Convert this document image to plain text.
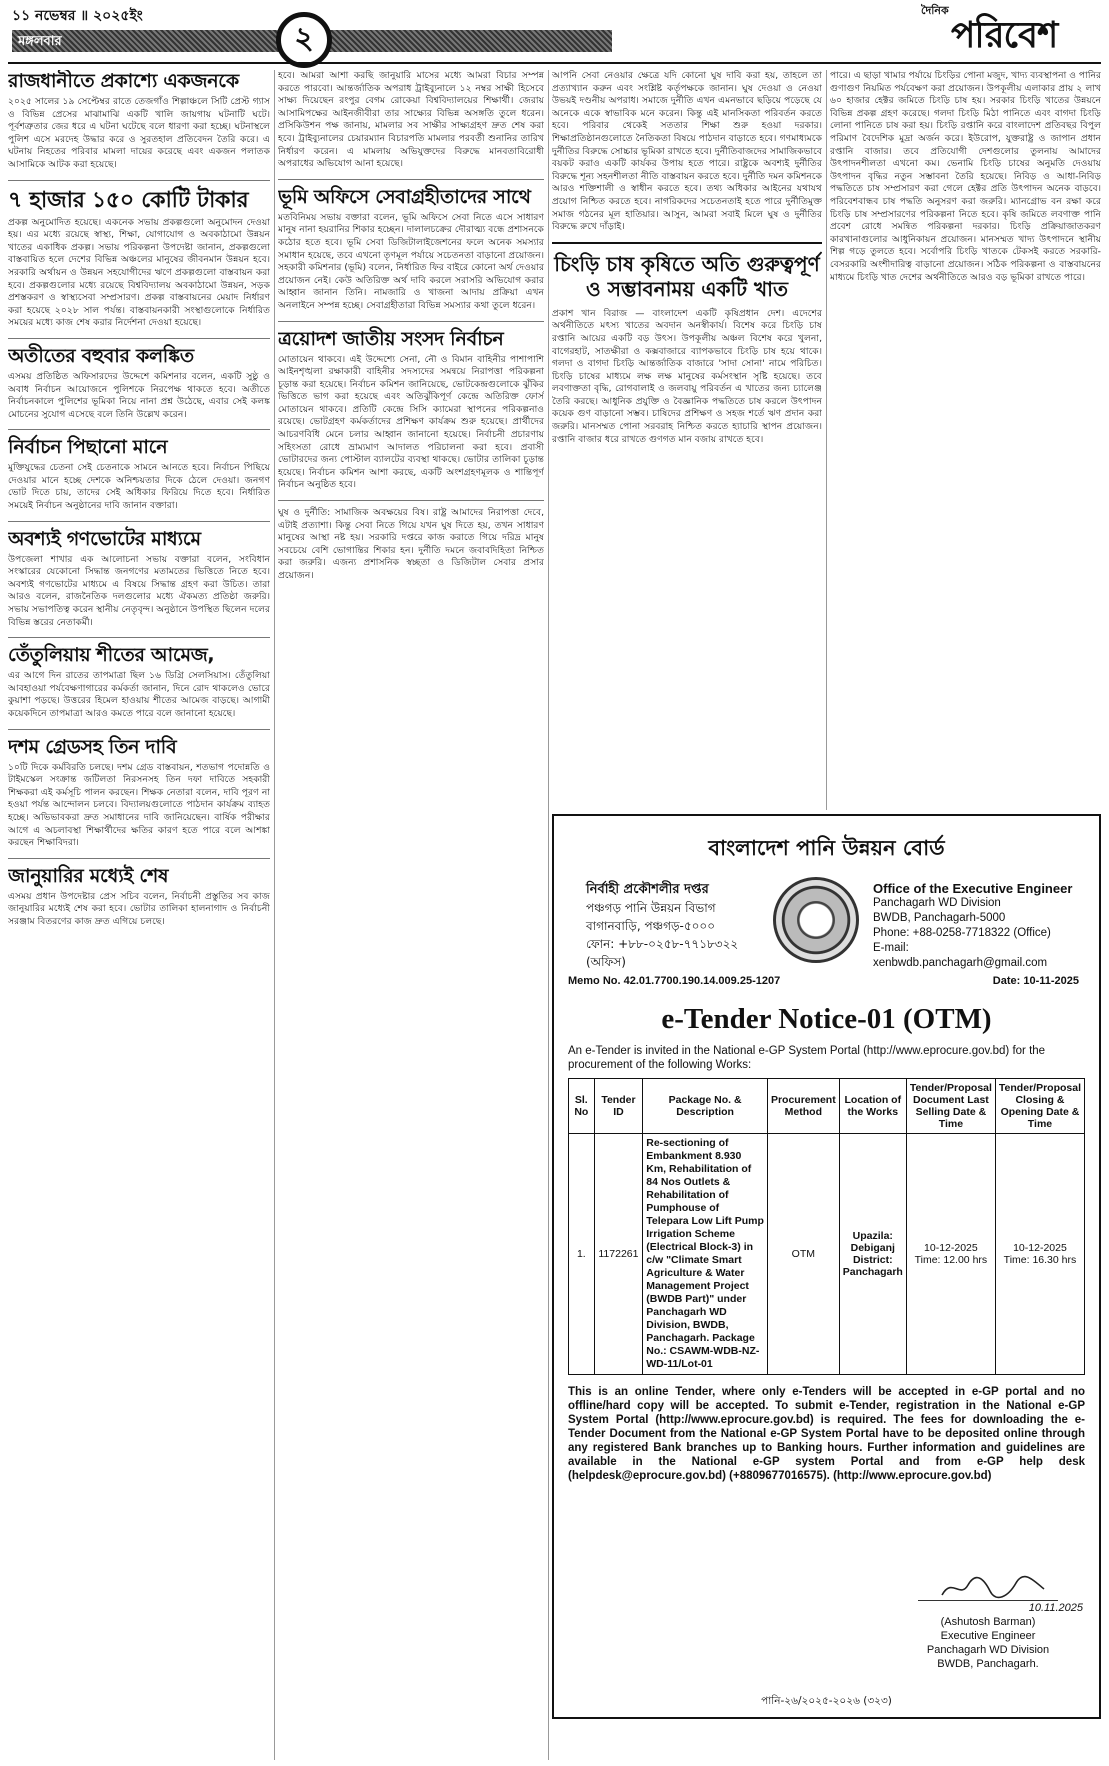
১১ নভেম্বর ॥ ২০২৫ইং
মঙ্গলবার	২
দৈনিক
পরিবেশ
রাজধানীতে প্রকাশ্যে একজনকে
২০২৫ সালের ১৯ সেপ্টেম্বর রাতে তেজগাঁও শিল্পাঞ্চলে সিটি প্রেস্ট গ্যাস ও বিভিন্ন প্রেসের মাঝামাঝি একটি খালি জায়গায় ঘটনাটি ঘটে। পূর্বশত্রুতার জের ধরে এ ঘটনা ঘটেছে বলে ধারণা করা হচ্ছে। ঘটনাস্থলে পুলিশ এসে মরদেহ উদ্ধার করে ও সুরতহাল প্রতিবেদন তৈরি করে। এ ঘটনায় নিহতের পরিবার মামলা দায়ের করেছে এবং একজন পলাতক আসামিকে আটক করা হয়েছে।
৭ হাজার ১৫০ কোটি টাকার
প্রকল্প অনুমোদিত হয়েছে। একনেক সভায় প্রকল্পগুলো অনুমোদন দেওয়া হয়। এর মধ্যে রয়েছে স্বাস্থ্য, শিক্ষা, যোগাযোগ ও অবকাঠামো উন্নয়ন খাতের একাধিক প্রকল্প। সভায় পরিকল্পনা উপদেষ্টা জানান, প্রকল্পগুলো বাস্তবায়িত হলে দেশের বিভিন্ন অঞ্চলের মানুষের জীবনমান উন্নয়ন হবে। সরকারি অর্থায়ন ও উন্নয়ন সহযোগীদের ঋণে প্রকল্পগুলো বাস্তবায়ন করা হবে। প্রকল্পগুলোর মধ্যে রয়েছে বিশ্ববিদ্যালয় অবকাঠামো উন্নয়ন, সড়ক প্রশস্তকরণ ও স্বাস্থ্যসেবা সম্প্রসারণ। প্রকল্প বাস্তবায়নের মেয়াদ নির্ধারণ করা হয়েছে ২০২৮ সাল পর্যন্ত। বাস্তবায়নকারী সংস্থাগুলোকে নির্ধারিত সময়ের মধ্যে কাজ শেষ করার নির্দেশনা দেওয়া হয়েছে।
অতীতের বহুবার কলঙ্কিত
এসময় প্রতিষ্ঠিত অফিসারদের উদ্দেশে কমিশনার বলেন, একটি সুষ্ঠু ও অবাধ নির্বাচন আয়োজনে পুলিশকে নিরপেক্ষ থাকতে হবে। অতীতে নির্বাচনকালে পুলিশের ভূমিকা নিয়ে নানা প্রশ্ন উঠেছে, এবার সেই কলঙ্ক মোচনের সুযোগ এসেছে বলে তিনি উল্লেখ করেন।
নির্বাচন পিছানো মানে
মুক্তিযুদ্ধের চেতনা সেই চেতনাকে সামনে আনতে হবে। নির্বাচন পিছিয়ে দেওয়ার মানে হচ্ছে দেশকে অনিশ্চয়তার দিকে ঠেলে দেওয়া। জনগণ ভোট দিতে চায়, তাদের সেই অধিকার ফিরিয়ে দিতে হবে। নির্ধারিত সময়েই নির্বাচন অনুষ্ঠানের দাবি জানান বক্তারা।
অবশ্যই গণভোটের মাধ্যমে
উপজেলা শাখার এক আলোচনা সভায় বক্তারা বলেন, সংবিধান সংস্কারের যেকোনো সিদ্ধান্ত জনগণের মতামতের ভিত্তিতে নিতে হবে। অবশ্যই গণভোটের মাধ্যমে এ বিষয়ে সিদ্ধান্ত গ্রহণ করা উচিত। তারা আরও বলেন, রাজনৈতিক দলগুলোর মধ্যে ঐকমত্য প্রতিষ্ঠা জরুরি। সভায় সভাপতিত্ব করেন স্থানীয় নেতৃবৃন্দ। অনুষ্ঠানে উপস্থিত ছিলেন দলের বিভিন্ন স্তরের নেতাকর্মী।
তেঁতুলিয়ায় শীতের আমেজ,
এর আগে দিন রাতের তাপমাত্রা ছিল ১৬ ডিগ্রি সেলসিয়াস। তেঁতুলিয়া আবহাওয়া পর্যবেক্ষণাগারের কর্মকর্তা জানান, দিনে রোদ থাকলেও ভোরে কুয়াশা পড়ছে। উত্তরের হিমেল হাওয়ায় শীতের আমেজ বাড়ছে। আগামী কয়েকদিনে তাপমাত্রা আরও কমতে পারে বলে জানানো হয়েছে।
দশম গ্রেডসহ তিন দাবি
১০টি দিকে কর্মবিরতি চলছে। দশম গ্রেড বাস্তবায়ন, শতভাগ পদোন্নতি ও টাইমস্কেল সংক্রান্ত জটিলতা নিরসনসহ তিন দফা দাবিতে সহকারী শিক্ষকরা এই কর্মসূচি পালন করছেন। শিক্ষক নেতারা বলেন, দাবি পূরণ না হওয়া পর্যন্ত আন্দোলন চলবে। বিদ্যালয়গুলোতে পাঠদান কার্যক্রম ব্যাহত হচ্ছে। অভিভাবকরা দ্রুত সমাধানের দাবি জানিয়েছেন। বার্ষিক পরীক্ষার আগে এ অচলাবস্থা শিক্ষার্থীদের ক্ষতির কারণ হতে পারে বলে আশঙ্কা করছেন শিক্ষাবিদরা।
জানুয়ারির মধ্যেই শেষ
এসময় প্রধান উপদেষ্টার প্রেস সচিব বলেন, নির্বাচনী প্রস্তুতির সব কাজ জানুয়ারির মধ্যেই শেষ করা হবে। ভোটার তালিকা হালনাগাদ ও নির্বাচনী সরঞ্জাম বিতরণের কাজ দ্রুত এগিয়ে চলছে।
হবে। আমরা আশা করছি জানুয়ারি মাসের মধ্যে আমরা বিচার সম্পন্ন করতে পারবো। আন্তর্জাতিক অপরাধ ট্রাইব্যুনালে ১২ নম্বর সাক্ষী হিসেবে সাক্ষ্য দিয়েছেন রংপুর বেগম রোকেয়া বিশ্ববিদ্যালয়ের শিক্ষার্থী। জেরায় আসামিপক্ষের আইনজীবীরা তার সাক্ষ্যের বিভিন্ন অসঙ্গতি তুলে ধরেন। প্রসিকিউশন পক্ষ জানায়, মামলার সব সাক্ষীর সাক্ষ্যগ্রহণ দ্রুত শেষ করা হবে। ট্রাইব্যুনালের চেয়ারম্যান বিচারপতি মামলার পরবর্তী শুনানির তারিখ নির্ধারণ করেন। এ মামলায় অভিযুক্তদের বিরুদ্ধে মানবতাবিরোধী অপরাধের অভিযোগ আনা হয়েছে।
ভূমি অফিসে সেবাগ্রহীতাদের সাথে
মতবিনিময় সভায় বক্তারা বলেন, ভূমি অফিসে সেবা নিতে এসে সাধারণ মানুষ নানা হয়রানির শিকার হচ্ছেন। দালালচক্রের দৌরাত্ম্য বন্ধে প্রশাসনকে কঠোর হতে হবে। ভূমি সেবা ডিজিটালাইজেশনের ফলে অনেক সমস্যার সমাধান হয়েছে, তবে এখনো তৃণমূল পর্যায়ে সচেতনতা বাড়ানো প্রয়োজন। সহকারী কমিশনার (ভূমি) বলেন, নির্ধারিত ফির বাইরে কোনো অর্থ দেওয়ার প্রয়োজন নেই। কেউ অতিরিক্ত অর্থ দাবি করলে সরাসরি অভিযোগ করার আহ্বান জানান তিনি। নামজারি ও খাজনা আদায় প্রক্রিয়া এখন অনলাইনে সম্পন্ন হচ্ছে। সেবাগ্রহীতারা বিভিন্ন সমস্যার কথা তুলে ধরেন।
ত্রয়োদশ জাতীয় সংসদ নির্বাচন
মোতায়েন থাকবে। এই উদ্দেশ্যে সেনা, নৌ ও বিমান বাহিনীর পাশাপাশি আইনশৃঙ্খলা রক্ষাকারী বাহিনীর সদস্যদের সমন্বয়ে নিরাপত্তা পরিকল্পনা চূড়ান্ত করা হয়েছে। নির্বাচন কমিশন জানিয়েছে, ভোটকেন্দ্রগুলোকে ঝুঁকির ভিত্তিতে ভাগ করা হয়েছে এবং অতিঝুঁকিপূর্ণ কেন্দ্রে অতিরিক্ত ফোর্স মোতায়েন থাকবে। প্রতিটি কেন্দ্রে সিসি ক্যামেরা স্থাপনের পরিকল্পনাও রয়েছে। ভোটগ্রহণ কর্মকর্তাদের প্রশিক্ষণ কার্যক্রম শুরু হয়েছে। প্রার্থীদের আচরণবিধি মেনে চলার আহ্বান জানানো হয়েছে। নির্বাচনী প্রচারণায় সহিংসতা রোধে ভ্রাম্যমাণ আদালত পরিচালনা করা হবে। প্রবাসী ভোটারদের জন্য পোস্টাল ব্যালটের ব্যবস্থা থাকছে। ভোটার তালিকা চূড়ান্ত হয়েছে। নির্বাচন কমিশন আশা করছে, একটি অংশগ্রহণমূলক ও শান্তিপূর্ণ নির্বাচন অনুষ্ঠিত হবে।
ঘুষ ও দুর্নীতি: সামাজিক অবক্ষয়ের বিষ। রাষ্ট্র আমাদের নিরাপত্তা দেবে, এটাই প্রত্যাশা। কিন্তু সেবা নিতে গিয়ে যখন ঘুষ দিতে হয়, তখন সাধারণ মানুষের আস্থা নষ্ট হয়। সরকারি দপ্তরে কাজ করাতে গিয়ে দরিদ্র মানুষ সবচেয়ে বেশি ভোগান্তির শিকার হন। দুর্নীতি দমনে জবাবদিহিতা নিশ্চিত করা জরুরি। এজন্য প্রশাসনিক স্বচ্ছতা ও ডিজিটাল সেবার প্রসার প্রয়োজন।
আপনি সেবা নেওয়ার ক্ষেত্রে যদি কোনো ঘুষ দাবি করা হয়, তাহলে তা প্রত্যাখ্যান করুন এবং সংশ্লিষ্ট কর্তৃপক্ষকে জানান। ঘুষ দেওয়া ও নেওয়া উভয়ই দণ্ডনীয় অপরাধ। সমাজে দুর্নীতি এখন এমনভাবে ছড়িয়ে পড়েছে যে অনেকে একে স্বাভাবিক মনে করেন। কিন্তু এই মানসিকতা পরিবর্তন করতে হবে। পরিবার থেকেই সততার শিক্ষা শুরু হওয়া দরকার। শিক্ষাপ্রতিষ্ঠানগুলোতে নৈতিকতা বিষয়ে পাঠদান বাড়াতে হবে। গণমাধ্যমকে দুর্নীতির বিরুদ্ধে সোচ্চার ভূমিকা রাখতে হবে। দুর্নীতিবাজদের সামাজিকভাবে বয়কট করাও একটি কার্যকর উপায় হতে পারে। রাষ্ট্রকে অবশ্যই দুর্নীতির বিরুদ্ধে শূন্য সহনশীলতা নীতি বাস্তবায়ন করতে হবে। দুর্নীতি দমন কমিশনকে আরও শক্তিশালী ও স্বাধীন করতে হবে। তথ্য অধিকার আইনের যথাযথ প্রয়োগ নিশ্চিত করতে হবে। নাগরিকদের সচেতনতাই হতে পারে দুর্নীতিমুক্ত সমাজ গঠনের মূল হাতিয়ার। আসুন, আমরা সবাই মিলে ঘুষ ও দুর্নীতির বিরুদ্ধে রুখে দাঁড়াই।
চিংড়ি চাষ কৃষিতে অতি গুরুত্বপূর্ণ ও সম্ভাবনাময় একটি খাত
প্রকাশ খান বিরাজ — বাংলাদেশ একটি কৃষিপ্রধান দেশ। এদেশের অর্থনীতিতে মৎস্য খাতের অবদান অনস্বীকার্য। বিশেষ করে চিংড়ি চাষ রপ্তানি আয়ের একটি বড় উৎস। উপকূলীয় অঞ্চল বিশেষ করে খুলনা, বাগেরহাট, সাতক্ষীরা ও কক্সবাজারে ব্যাপকভাবে চিংড়ি চাষ হয়ে থাকে। গলদা ও বাগদা চিংড়ি আন্তর্জাতিক বাজারে 'সাদা সোনা' নামে পরিচিত। চিংড়ি চাষের মাধ্যমে লক্ষ লক্ষ মানুষের কর্মসংস্থান সৃষ্টি হয়েছে। তবে লবণাক্ততা বৃদ্ধি, রোগবালাই ও জলবায়ু পরিবর্তন এ খাতের জন্য চ্যালেঞ্জ তৈরি করছে। আধুনিক প্রযুক্তি ও বৈজ্ঞানিক পদ্ধতিতে চাষ করলে উৎপাদন কয়েক গুণ বাড়ানো সম্ভব। চাষিদের প্রশিক্ষণ ও সহজ শর্তে ঋণ প্রদান করা জরুরি। মানসম্মত পোনা সরবরাহ নিশ্চিত করতে হ্যাচারি স্থাপন প্রয়োজন। রপ্তানি বাজার ধরে রাখতে গুণগত মান বজায় রাখতে হবে।
পারে। এ ছাড়া খামার পর্যায়ে চিংড়ির পোনা মজুদ, খাদ্য ব্যবস্থাপনা ও পানির গুণাগুণ নিয়মিত পর্যবেক্ষণ করা প্রয়োজন। উপকূলীয় এলাকার প্রায় ২ লাখ ৬০ হাজার হেক্টর জমিতে চিংড়ি চাষ হয়। সরকার চিংড়ি খাতের উন্নয়নে বিভিন্ন প্রকল্প গ্রহণ করেছে। গলদা চিংড়ি মিঠা পানিতে এবং বাগদা চিংড়ি লোনা পানিতে চাষ করা হয়। চিংড়ি রপ্তানি করে বাংলাদেশ প্রতিবছর বিপুল পরিমাণ বৈদেশিক মুদ্রা অর্জন করে। ইউরোপ, যুক্তরাষ্ট্র ও জাপান প্রধান রপ্তানি বাজার। তবে প্রতিযোগী দেশগুলোর তুলনায় আমাদের উৎপাদনশীলতা এখনো কম। ভেনামি চিংড়ি চাষের অনুমতি দেওয়ায় উৎপাদন বৃদ্ধির নতুন সম্ভাবনা তৈরি হয়েছে। নিবিড় ও আধা-নিবিড় পদ্ধতিতে চাষ সম্প্রসারণ করা গেলে হেক্টর প্রতি উৎপাদন অনেক বাড়বে। পরিবেশবান্ধব চাষ পদ্ধতি অনুসরণ করা জরুরি। ম্যানগ্রোভ বন রক্ষা করে চিংড়ি চাষ সম্প্রসারণের পরিকল্পনা নিতে হবে। কৃষি জমিতে লবণাক্ত পানি প্রবেশ রোধে সমন্বিত পরিকল্পনা দরকার। চিংড়ি প্রক্রিয়াজাতকরণ কারখানাগুলোর আধুনিকায়ন প্রয়োজন। মানসম্মত খাদ্য উৎপাদনে স্থানীয় শিল্প গড়ে তুলতে হবে। সর্বোপরি চিংড়ি খাতকে টেকসই করতে সরকারি-বেসরকারি অংশীদারিত্ব বাড়ানো প্রয়োজন। সঠিক পরিকল্পনা ও বাস্তবায়নের মাধ্যমে চিংড়ি খাত দেশের অর্থনীতিতে আরও বড় ভূমিকা রাখতে পারে।
বাংলাদেশ পানি উন্নয়ন বোর্ড
নির্বাহী প্রকৌশলীর দপ্তর
পঞ্চগড় পানি উন্নয়ন বিভাগ
বাগানবাড়ি, পঞ্চগড়-৫০০০
ফোন: +৮৮-০২৫৮-৭৭১৮৩২২ (অফিস)
Office of the Executive Engineer
Panchagarh WD Division
BWDB, Panchagarh-5000
Phone: +88-0258-7718322 (Office)
E-mail: xenbwdb.panchagarh@gmail.com
Memo No. 42.01.7700.190.14.009.25-1207	Date: 10-11-2025
e-Tender Notice-01 (OTM)
An e-Tender is invited in the National e-GP System Portal (http://www.eprocure.gov.bd) for the procurement of the following Works:
Sl. No	Tender ID	Package No. & Description	Procurement Method	Location of the Works	Tender/Proposal Document Last Selling Date & Time	Tender/Proposal Closing & Opening Date & Time
1.	1172261	Re-sectioning of Embankment 8.930 Km, Rehabilitation of 84 Nos Outlets & Rehabilitation of Pumphouse of Telepara Low Lift Pump Irrigation Scheme (Electrical Block-3) in c/w "Climate Smart Agriculture & Water Management Project (BWDB Part)" under Panchagarh WD Division, BWDB, Panchagarh. Package No.: CSAWM-WDB-NZ-WD-11/Lot-01	OTM	Upazila: Debiganj District: Panchagarh	10-12-2025 Time: 12.00 hrs	10-12-2025 Time: 16.30 hrs
This is an online Tender, where only e-Tenders will be accepted in e-GP portal and no offline/hard copy will be accepted. To submit e-Tender, registration in the National e-GP System Portal (http://www.eprocure.gov.bd) is required. The fees for downloading the e-Tender Document from the National e-GP System Portal have to be deposited online through any registered Bank branches up to Banking hours. Further information and guidelines are available in the National e-GP system Portal and from e-GP help desk (helpdesk@eprocure.gov.bd) (+8809677016575). (http://www.eprocure.gov.bd)
10.11.2025
(Ashutosh Barman)
Executive Engineer
Panchagarh WD Division
BWDB, Panchagarh.
পানি-২৬/২০২৫-২০২৬ (৩২৩)
